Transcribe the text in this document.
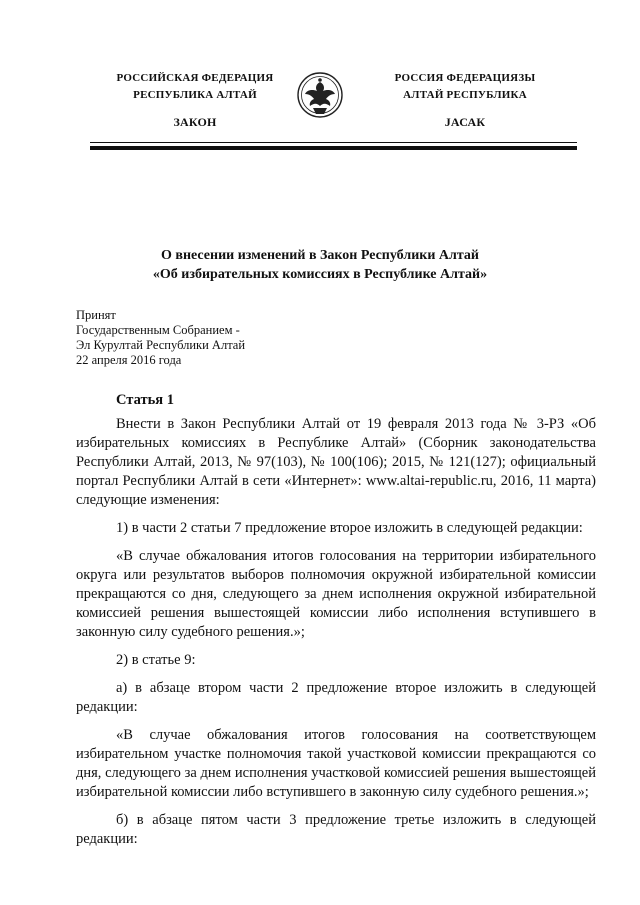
РОССИЙСКАЯ ФЕДЕРАЦИЯ
РЕСПУБЛИКА АЛТАЙ
ЗАКОН
РОССИЯ ФЕДЕРАЦИЯЗЫ
АЛТАЙ РЕСПУБЛИКА
JАСАК
О внесении изменений в Закон Республики Алтай
«Об избирательных комиссиях в Республике Алтай»
Принят
Государственным Собранием -
Эл Курултай Республики Алтай
22 апреля 2016 года
Статья 1

Внести в Закон Республики Алтай от 19 февраля 2013 года № 3-РЗ «Об избирательных комиссиях в Республике Алтай» (Сборник законодательства Республики Алтай, 2013, № 97(103), № 100(106); 2015, № 121(127); официальный портал Республики Алтай в сети «Интернет»: www.altai-republic.ru, 2016, 11 марта) следующие изменения:

1) в части 2 статьи 7 предложение второе изложить в следующей редакции:

«В случае обжалования итогов голосования на территории избирательного округа или результатов выборов полномочия окружной избирательной комиссии прекращаются со дня, следующего за днем исполнения окружной избирательной комиссией решения вышестоящей комиссии либо исполнения вступившего в законную силу судебного решения.»;

2) в статье 9:

а) в абзаце втором части 2 предложение второе изложить в следующей редакции:

«В случае обжалования итогов голосования на соответствующем избирательном участке полномочия такой участковой комиссии прекращаются со дня, следующего за днем исполнения участковой комиссией решения вышестоящей избирательной комиссии либо вступившего в законную силу судебного решения.»;

б) в абзаце пятом части 3 предложение третье изложить в следующей редакции:
